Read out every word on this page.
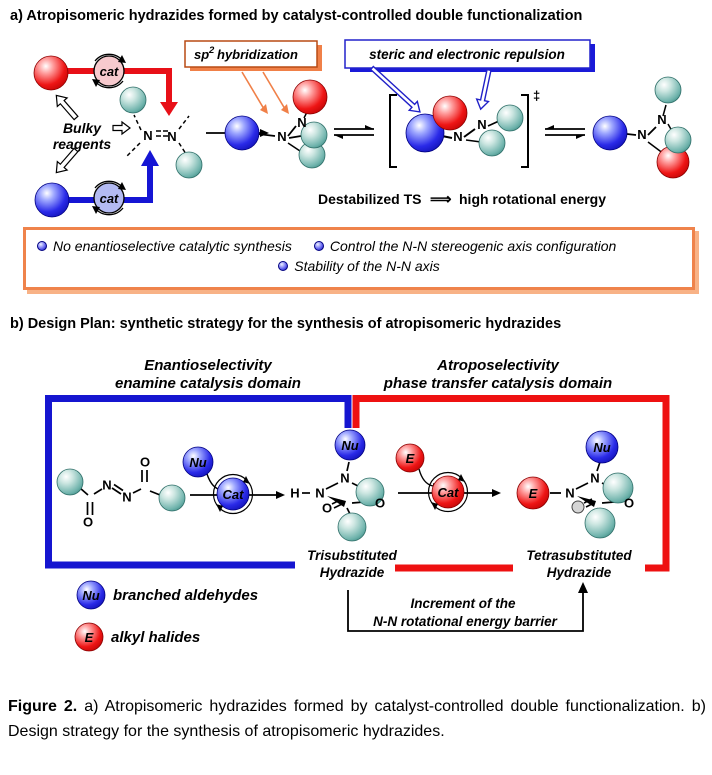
a) Atropisomeric hydrazides formed by catalyst-controlled double functionalization
sp 2 hybridization	steric and electronic repulsion
cat
cat
N N
Bulky
reagents	N
N
‡
N
N
N
N
Destabilized TS ⟹ high rotational energy
No enantioselective catalytic synthesis	Control the N-N stereogenic axis configuration
Stability of the N-N axis
b) Design Plan: synthetic strategy for the synthesis of atropisomeric hydrazides
Enantioselectivity
enamine catalysis domain
Atroposelectivity
phase transfer catalysis domain
N
N
O
O	Nu
Cat
Nu
H N
N
O	O
Trisubstituted
Hydrazide
E
Cat	E
Nu
N
N
O
Tetrasubstituted
Hydrazide
Nu branched aldehydes
E alkyl halides
Increment of the
N-N rotational energy barrier

Figure 2. a) Atropisomeric hydrazides formed by catalyst-controlled double functionalization. b) Design strategy for the synthesis of atropisomeric hydrazides.
